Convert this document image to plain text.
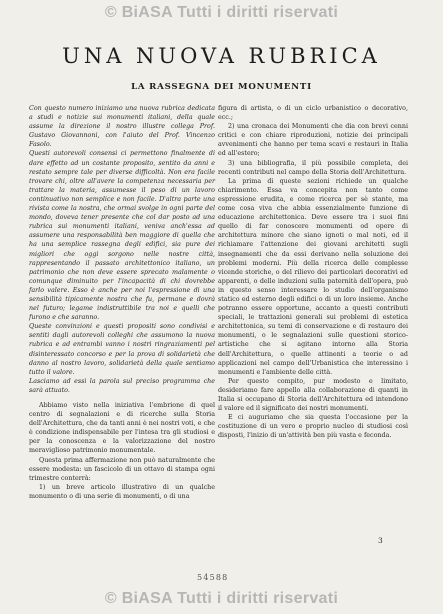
© BiASA Tutti i diritti riservati
UNA NUOVA RUBRICA
LA RASSEGNA DEI MONUMENTI

Con questo numero iniziamo una nuova rubrica dedicata a studi e notizie sui monumenti italiani, della quale assume la direzione il nostro illustre collega Prof. Gustavo Giovannoni, con l'aiuto del Prof. Vincenzo Fasolo.

Questi autorevoli consensi ci permettono finalmente di dare effetto ad un costante proposito, sentito da anni e restato sempre tale per diverse difficoltà. Non era facile trovare chi, oltre all'avere la competenza necessaria per trattare la materia, assumesse il peso di un lavoro continuativo non semplice e non facile. D'altra parte una rivista come la nostra, che ormai svolge in ogni parte del mondo, doveva tener presente che col dar posto ad una rubrica sui monumenti italiani, veniva anch'essa ad assumere una responsabilità ben maggiore di quella che ha una semplice rassegna degli edifici, sia pure dei migliori che oggi sorgono nelle nostre città, rappresentando il passato architettonico italiano, un patrimonio che non deve essere sprecato malamente o comunque diminuito per l'incapacità di chi dovrebbe farlo valere. Esso è anche per noi l'espressione di una sensibilità tipicamente nostra che fu, permane e dovrà nel futuro; legame indistruttibile tra noi e quelli che furono e che saranno.

Queste convinzioni e questi propositi sono condivisi e sentiti dagli autorevoli colleghi che assumono la nuova rubrica e ad entrambi vanno i nostri ringraziamenti pel disinteressato concorso e per la prova di solidarietà che danno al nostro lavoro, solidarietà della quale sentiamo tutto il valore.

Lasciamo ad essi la parola sul preciso programma che sarà attuato.

Abbiamo visto nella iniziativa l'embrione di quel centro di segnalazioni e di ricerche sulla Storia dell'Architettura, che da tanti anni è nei nostri voti, e che è condizione indispensabile per l'intesa tra gli studiosi e per la conoscenza e la valorizzazione del nostro meraviglioso patrimonio monumentale.

Questa prima affermazione non può naturalmente che essere modesta: un fascicolo di un ottavo di stampa ogni trimestre conterrà:

1) un breve articolo illustrativo di un qualche monumento o di una serie di monumenti, o di una

figura di artista, o di un ciclo urbanistico o decorativo, ecc.;

2) una cronaca dei Monumenti che dia con brevi cenni critici e con chiare riproduzioni, notizie dei principali avvenimenti che hanno per tema scavi e restauri in Italia ed all'estero;

3) una bibliografia, il più possibile completa, dei recenti contributi nel campo della Storia dell'Architettura.

La prima di queste sezioni richiede un qualche chiarimento. Essa va concepita non tanto come espressione erudita, e come ricerca per sè stante, ma come cosa viva che abbia essenzialmente funzione di educazione architettonica. Deve essere tra i suoi fini quello di far conoscere monumenti od opere di architettura minore che siano ignoti o mal noti, ed il richiamare l'attenzione dei giovani architetti sugli insegnamenti che da essi derivano nella soluzione dei problemi moderni. Più della ricerca delle complesse vicende storiche, o del rilievo dei particolari decorativi ed apparenti, o delle induzioni sulla paternità dell'opera, può in questo senso interessare lo studio dell'organismo statico ed esterno degli edifici o di un loro insieme. Anche potranno essere opportune, accanto a questi contributi speciali, le trattazioni generali sui problemi di estetica architettonica, su temi di conservazione e di restauro dei monumenti, o le segnalazioni sulle questioni storico-artistiche che si agitano intorno alla Storia dell'Architettura, o quelle attinenti a teorie o ad applicazioni nel campo dell'Urbanistica che interessino i monumenti e l'ambiente delle città.

Per questo compito, pur modesto e limitato, desideriamo fare appello alla collaborazione di quanti in Italia si occupano di Storia dell'Architettura ed intendono il valore ed il significato dei nostri monumenti.

E ci auguriamo che sia questa l'occasione per la costituzione di un vero e proprio nucleo di studiosi così disposti, l'inizio di un'attività ben più vasta e feconda.

3
54588
© BiASA Tutti i diritti riservati
